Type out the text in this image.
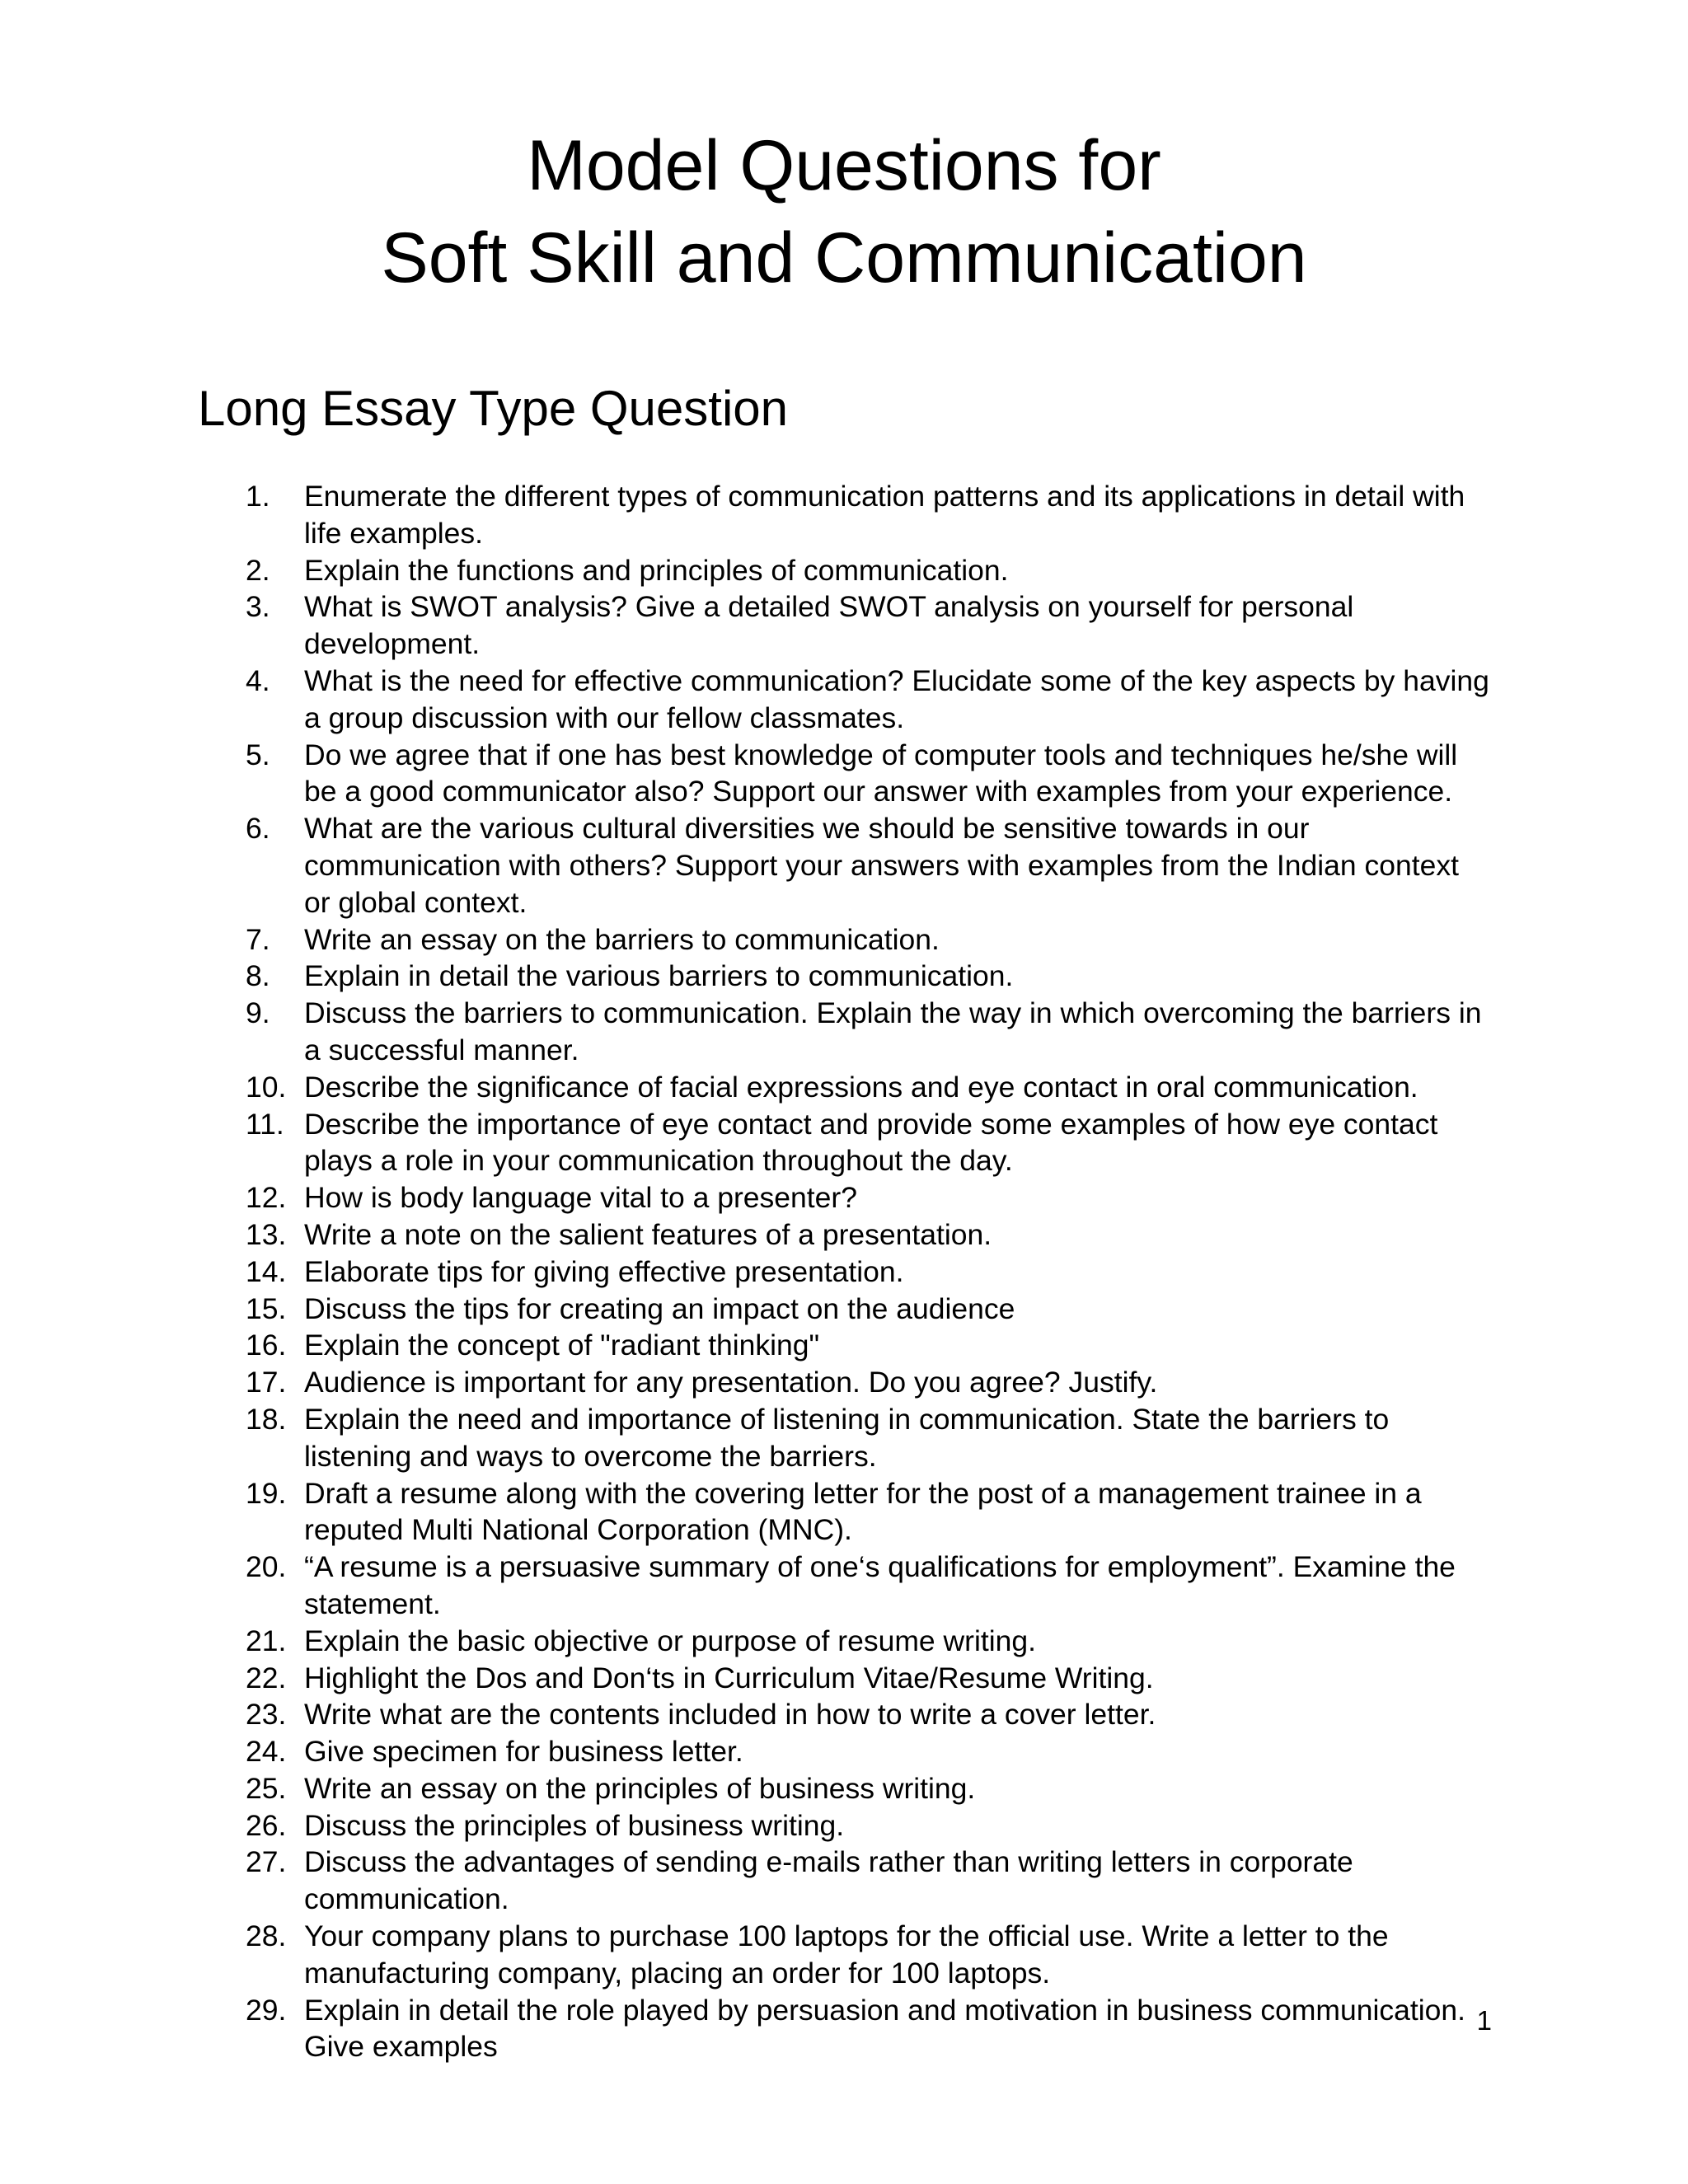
Model Questions for
Soft Skill and Communication
Long Essay Type Question
1.	Enumerate the different types of communication patterns and its applications in detail with life examples.
2.	Explain the functions and principles of communication.
3.	What is SWOT analysis? Give a detailed SWOT analysis on yourself for personal development.
4.	What is the need for effective communication? Elucidate some of the key aspects by having a group discussion with our fellow classmates.
5.	Do we agree that if one has best knowledge of computer tools and techniques he/she will be a good communicator also? Support our answer with examples from your experience.
6.	What are the various cultural diversities we should be sensitive towards in our communication with others? Support your answers with examples from the Indian context or global context.
7.	Write an essay on the barriers to communication.
8.	Explain in detail the various barriers to communication.
9.	Discuss the barriers to communication. Explain the way in which overcoming the barriers in a successful manner.
10. Describe the significance of facial expressions and eye contact in oral communication.
11. Describe the importance of eye contact and provide some examples of how eye contact plays a role in your communication throughout the day.
12. How is body language vital to a presenter?
13. Write a note on the salient features of a presentation.
14. Elaborate tips for giving effective presentation.
15. Discuss the tips for creating an impact on the audience
16. Explain the concept of "radiant thinking"
17. Audience is important for any presentation. Do you agree? Justify.
18. Explain the need and importance of listening in communication. State the barriers to listening and ways to overcome the barriers.
19. Draft a resume along with the covering letter for the post of a management trainee in a reputed Multi National Corporation (MNC).
20. “A resume is a persuasive summary of one‘s qualifications for employment”. Examine the statement.
21. Explain the basic objective or purpose of resume writing.
22. Highlight the Dos and Don‘ts in Curriculum Vitae/Resume Writing.
23. Write what are the contents included in how to write a cover letter.
24. Give specimen for business letter.
25. Write an essay on the principles of business writing.
26. Discuss the principles of business writing.
27. Discuss the advantages of sending e-mails rather than writing letters in corporate communication.
28. Your company plans to purchase 100 laptops for the official use. Write a letter to the manufacturing company, placing an order for 100 laptops.
29. Explain in detail the role played by persuasion and motivation in business communication. Give examples
1
